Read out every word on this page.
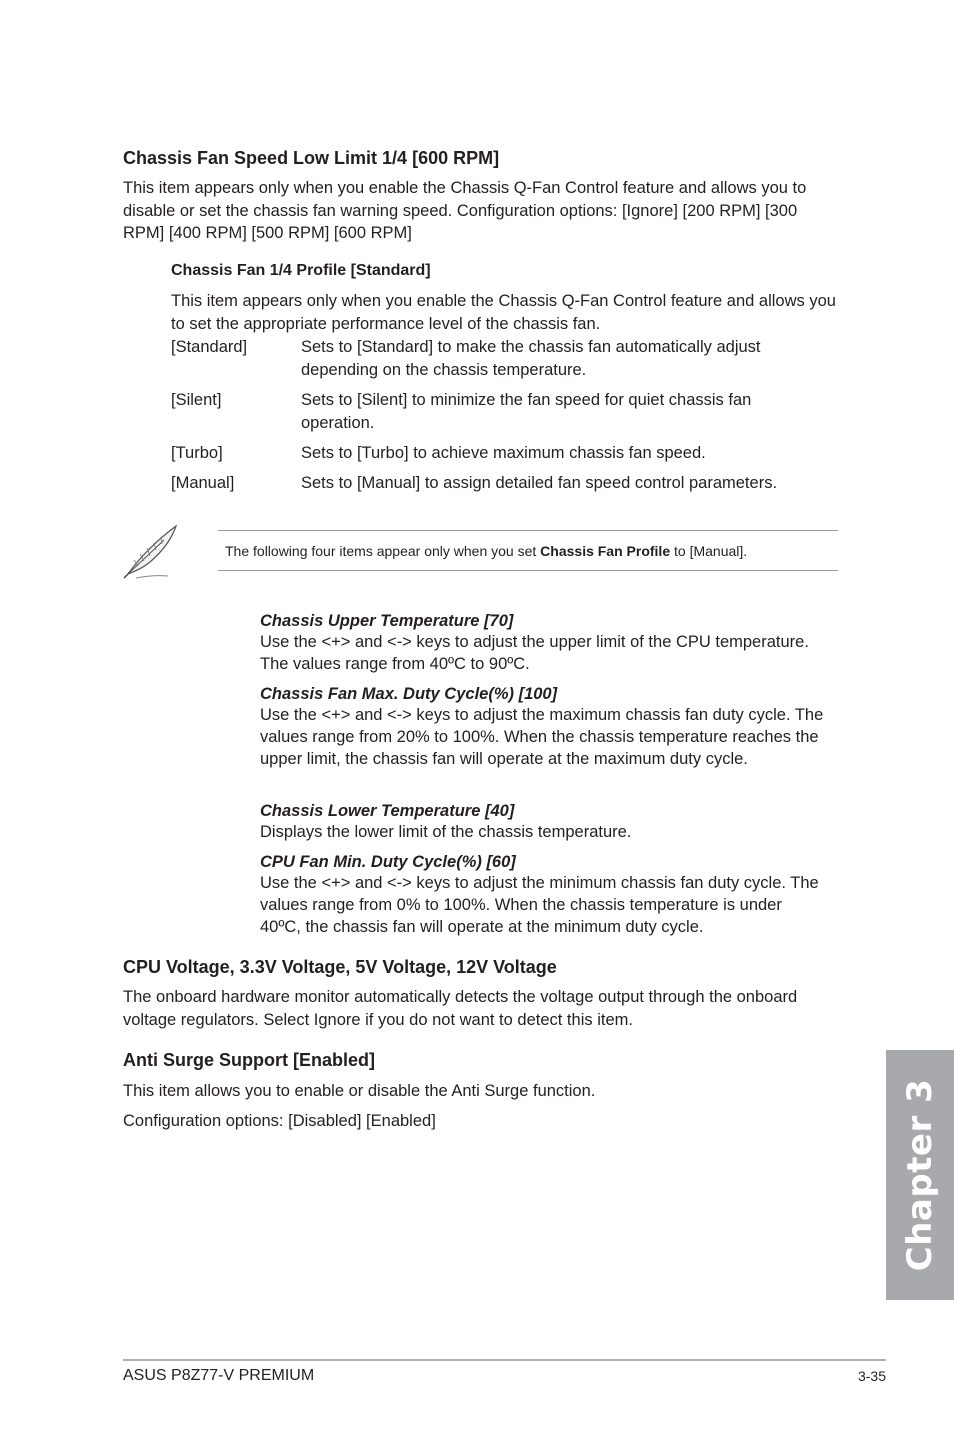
Chassis Fan Speed Low Limit 1/4 [600 RPM]
This item appears only when you enable the Chassis Q-Fan Control feature and allows you to disable or set the chassis fan warning speed. Configuration options: [Ignore] [200 RPM] [300 RPM] [400 RPM] [500 RPM] [600 RPM]
Chassis Fan 1/4 Profile [Standard]
This item appears only when you enable the Chassis Q-Fan Control feature and allows you to set the appropriate performance level of the chassis fan.
[Standard]	Sets to [Standard] to make the chassis fan automatically adjust depending on the chassis temperature.
[Silent]	Sets to [Silent] to minimize the fan speed for quiet chassis fan operation.
[Turbo]	Sets to [Turbo] to achieve maximum chassis fan speed.
[Manual]	Sets to [Manual] to assign detailed fan speed control parameters.
The following four items appear only when you set Chassis Fan Profile to [Manual].
Chassis Upper Temperature [70]
Use the <+> and <-> keys to adjust the upper limit of the CPU temperature. The values range from 40ºC to 90ºC.
Chassis Fan Max. Duty Cycle(%) [100]
Use the <+> and <-> keys to adjust the maximum chassis fan duty cycle. The values range from 20% to 100%. When the chassis temperature reaches the upper limit, the chassis fan will operate at the maximum duty cycle.
Chassis Lower Temperature [40]
Displays the lower limit of the chassis temperature.
CPU Fan Min. Duty Cycle(%) [60]
Use the <+> and <-> keys to adjust the minimum chassis fan duty cycle. The values range from 0% to 100%. When the chassis temperature is under 40ºC, the chassis fan will operate at the minimum duty cycle.
CPU Voltage, 3.3V Voltage, 5V Voltage, 12V Voltage
The onboard hardware monitor automatically detects the voltage output through the onboard voltage regulators. Select Ignore if you do not want to detect this item.
Anti Surge Support [Enabled]
This item allows you to enable or disable the Anti Surge function.
Configuration options: [Disabled] [Enabled]	Chapter 3
ASUS P8Z77-V PREMIUM	3-35
